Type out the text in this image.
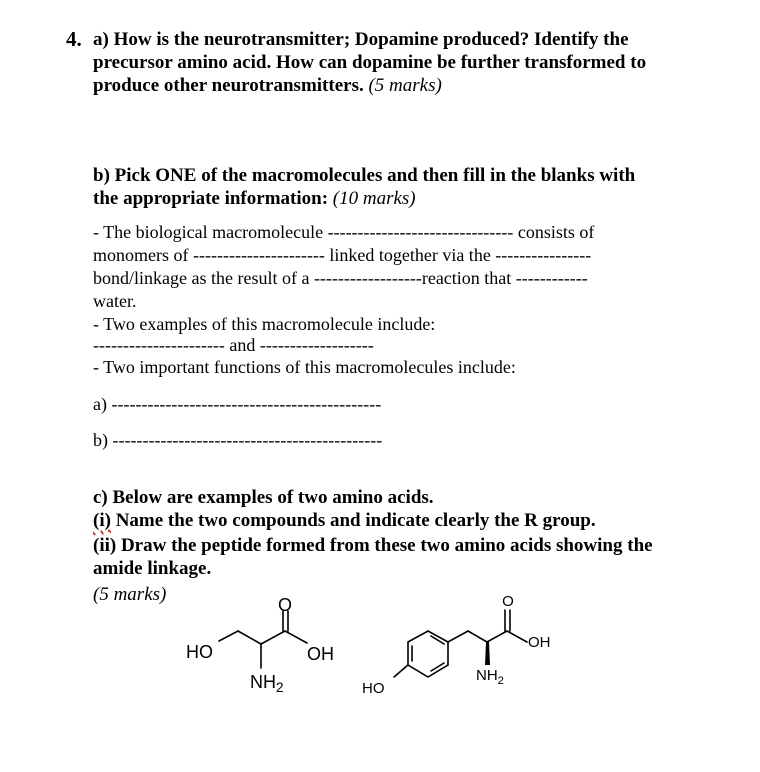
4. a) How is the neurotransmitter; Dopamine produced? Identify the
precursor amino acid. How can dopamine be further transformed to
produce other neurotransmitters. (5 marks)
b) Pick ONE of the macromolecules and then fill in the blanks with
the appropriate information: (10 marks)
- The biological macromolecule ------------------------------- consists of
monomers of ---------------------- linked together via the ----------------
bond/linkage as the result of a ------------------reaction that ------------
water.
- Two examples of this macromolecule include:
---------------------- and -------------------
- Two important functions of this macromolecules include:
a) ---------------------------------------------
b) ---------------------------------------------
c) Below are examples of two amino acids.
(i) Name the two compounds and indicate clearly the R group.
(ii) Draw the peptide formed from these two amino acids showing the
amide linkage.
(5 marks)	O
HO	OH
$NH_2$
O
OH
$NH_2$
HO
